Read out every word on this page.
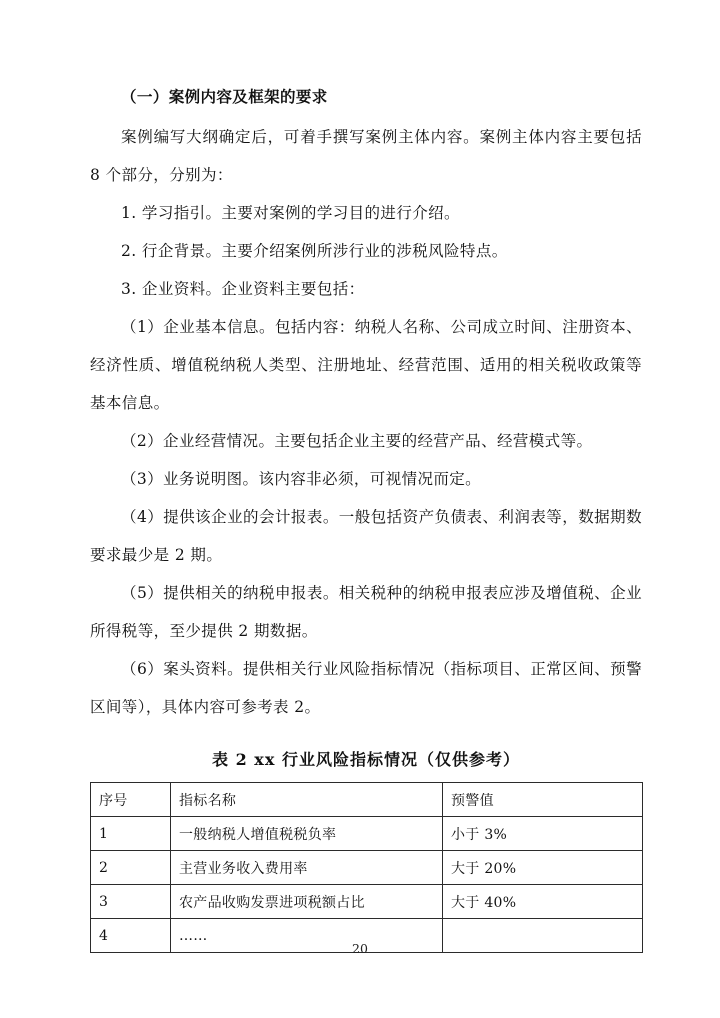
（一）案例内容及框架的要求

案例编写大纲确定后，可着手撰写案例主体内容。案例主体内容主要包括 8 个部分，分别为：

1. 学习指引。主要对案例的学习目的进行介绍。

2. 行企背景。主要介绍案例所涉行业的涉税风险特点。

3. 企业资料。企业资料主要包括：

（1）企业基本信息。包括内容：纳税人名称、公司成立时间、注册资本、经济性质、增值税纳税人类型、注册地址、经营范围、适用的相关税收政策等基本信息。

（2）企业经营情况。主要包括企业主要的经营产品、经营模式等。

（3）业务说明图。该内容非必须，可视情况而定。

（4）提供该企业的会计报表。一般包括资产负债表、利润表等，数据期数要求最少是 2 期。

（5）提供相关的纳税申报表。相关税种的纳税申报表应涉及增值税、企业所得税等，至少提供 2 期数据。

（6）案头资料。提供相关行业风险指标情况（指标项目、正常区间、预警区间等），具体内容可参考表 2。

表 2 xx 行业风险指标情况（仅供参考）
序号	指标名称	预警值
1	一般纳税人增值税税负率	小于 3%
2	主营业务收入费用率	大于 20%
3	农产品收购发票进项税额占比	大于 40%
4	……	
20
